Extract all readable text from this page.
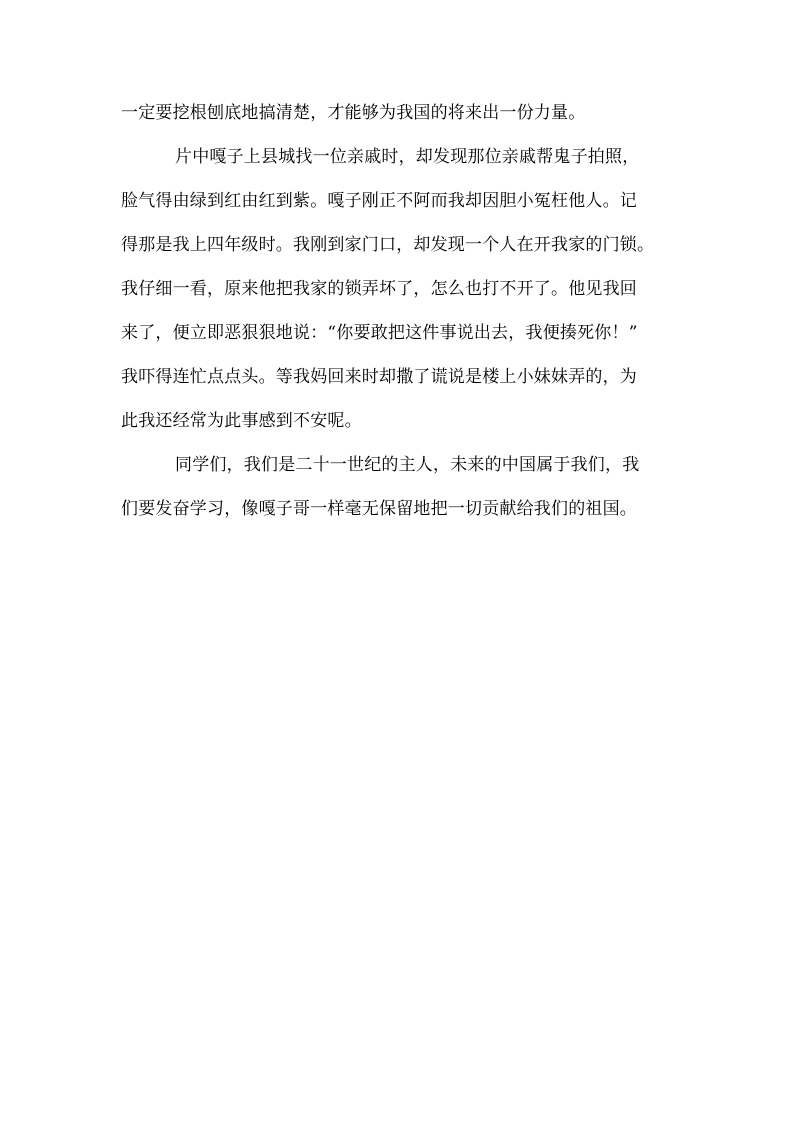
一定要挖根刨底地搞清楚，才能够为我国的将来出一份力量。
片中嘎子上县城找一位亲戚时，却发现那位亲戚帮鬼子拍照，
脸气得由绿到红由红到紫。嘎子刚正不阿而我却因胆小冤枉他人。记
得那是我上四年级时。我刚到家门口，却发现一个人在开我家的门锁。
我仔细一看，原来他把我家的锁弄坏了，怎么也打不开了。他见我回
来了，便立即恶狠狠地说：“你要敢把这件事说出去，我便揍死你！”
我吓得连忙点点头。等我妈回来时却撒了谎说是楼上小妹妹弄的，为
此我还经常为此事感到不安呢。
同学们，我们是二十一世纪的主人，未来的中国属于我们，我
们要发奋学习，像嘎子哥一样毫无保留地把一切贡献给我们的祖国。
